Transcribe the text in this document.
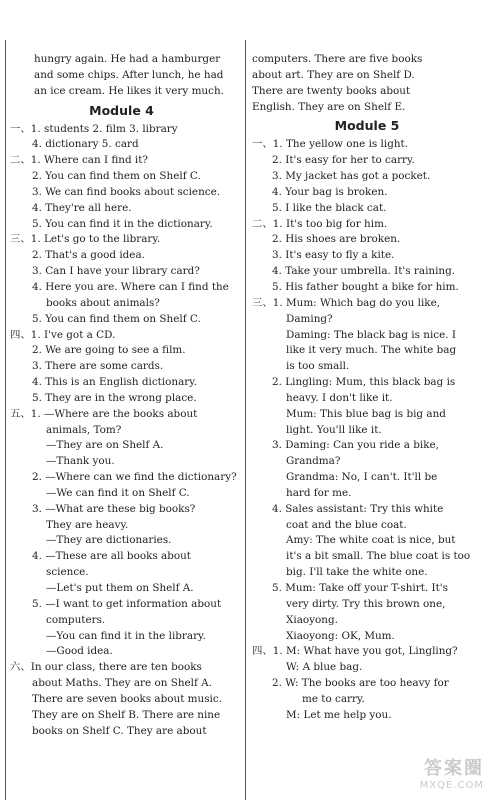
hungry again. He had a hamburger
and some chips. After lunch, he had
an ice cream. He likes it very much.
Module 4
一、1. students 2. film 3. library
4. dictionary 5. card
二、1. Where can I find it?
2. You can find them on Shelf C.
3. We can find books about science.
4. They're all here.
5. You can find it in the dictionary.
三、1. Let's go to the library.
2. That's a good idea.
3. Can I have your library card?
4. Here you are. Where can I find the
books about animals?
5. You can find them on Shelf C.
四、1. I've got a CD.
2. We are going to see a film.
3. There are some cards.
4. This is an English dictionary.
5. They are in the wrong place.
五、1. —Where are the books about
animals, Tom?
—They are on Shelf A.
—Thank you.
2. —Where can we find the dictionary?
—We can find it on Shelf C.
3. —What are these big books?
They are heavy.
—They are dictionaries.
4. —These are all books about
science.
—Let's put them on Shelf A.
5. —I want to get information about
computers.
—You can find it in the library.
—Good idea.
六、In our class, there are ten books
about Maths. They are on Shelf A.
There are seven books about music.
They are on Shelf B. There are nine
books on Shelf C. They are about
computers. There are five books
about art. They are on Shelf D.
There are twenty books about
English. They are on Shelf E.
Module 5
一、1. The yellow one is light.
2. It's easy for her to carry.
3. My jacket has got a pocket.
4. Your bag is broken.
5. I like the black cat.
二、1. It's too big for him.
2. His shoes are broken.
3. It's easy to fly a kite.
4. Take your umbrella. It's raining.
5. His father bought a bike for him.
三、1. Mum: Which bag do you like,
Daming?
Daming: The black bag is nice. I
like it very much. The white bag
is too small.
2. Lingling: Mum, this black bag is
heavy. I don't like it.
Mum: This blue bag is big and
light. You'll like it.
3. Daming: Can you ride a bike,
Grandma?
Grandma: No, I can't. It'll be
hard for me.
4. Sales assistant: Try this white
coat and the blue coat.
Amy: The white coat is nice, but
it's a bit small. The blue coat is too
big. I'll take the white one.
5. Mum: Take off your T-shirt. It's
very dirty. Try this brown one,
Xiaoyong.
Xiaoyong: OK, Mum.
四、1. M: What have you got, Lingling?
W: A blue bag.
2. W: The books are too heavy for
me to carry.
M: Let me help you.
答案圈
MXQE.COM
